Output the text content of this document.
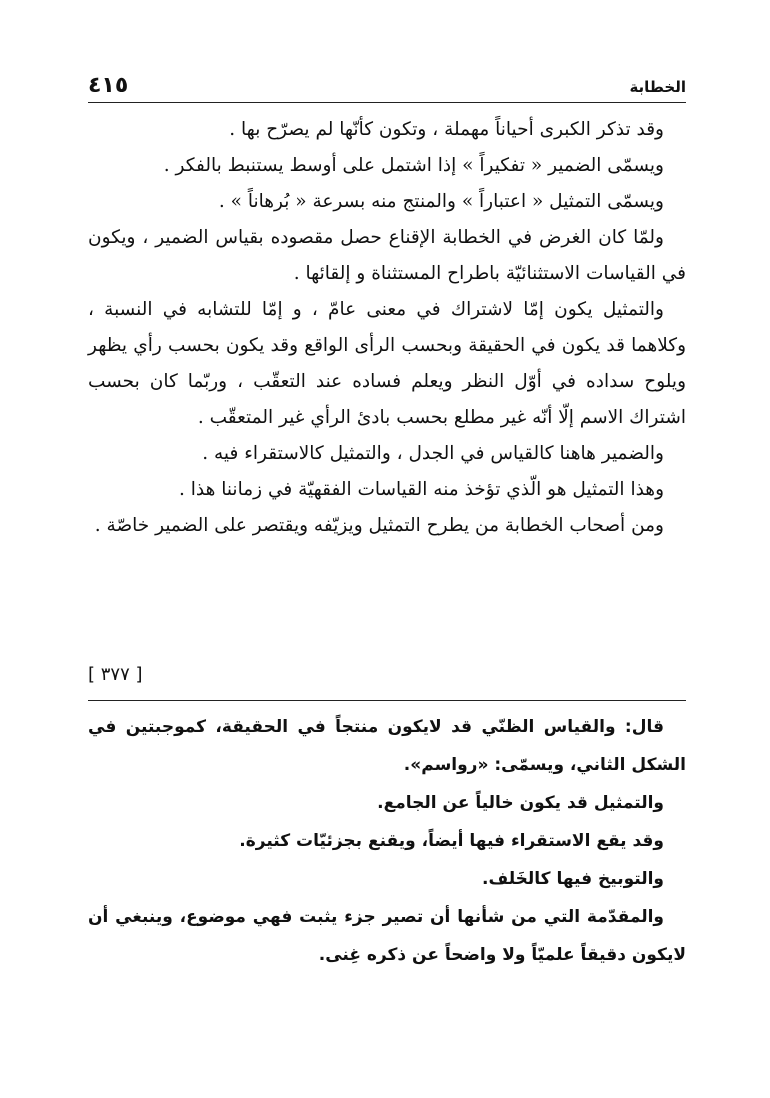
الخطابة
٤١٥

وقد تذكر الكبرى أحياناً مهملة ، وتكون كأنّها لم يصرّح بها .

ويسمّى الضمير « تفكيراً » إذا اشتمل على أوسط يستنبط بالفكر .

ويسمّى التمثيل « اعتباراً » والمنتج منه بسرعة « بُرهاناً » .

ولمّا كان الغرض في الخطابة الإقناع حصل مقصوده بقياس الضمير ، ويكون في القياسات الاستثنائيّة باطراح المستثناة و إلقائها .

والتمثيل يكون إمّا لاشتراك في معنى عامّ ، و إمّا للتشابه في النسبة ، وكلاهما قد يكون في الحقيقة وبحسب الرأى الواقع وقد يكون بحسب رأي يظهر ويلوح سداده في أوّل النظر ويعلم فساده عند التعقّب ، وربّما كان بحسب اشتراك الاسم إلّا أنّه غير مطلع بحسب بادئ الرأي غير المتعقّب .

والضمير هاهنا كالقياس في الجدل ، والتمثيل كالاستقراء فيه .

وهذا التمثيل هو الّذي تؤخذ منه القياسات الفقهيّة في زماننا هذا .

ومن أصحاب الخطابة من يطرح التمثيل ويزيّفه ويقتصر على الضمير خاصّة .

[ ٣٧٧ ]

قال: والقياس الظنّي قد لايكون منتجاً في الحقيقة، كموجبتين في الشكل الثاني، ويسمّى: «رواسم».

والتمثيل قد يكون خالياً عن الجامع.

وقد يقع الاستقراء فيها أيضاً، ويقنع بجزئيّات كثيرة.

والتوبيخ فيها كالخَلف.

والمقدّمة التي من شأنها أن تصير جزء يثبت فهي موضوع، وينبغي أن لايكون دقيقاً علميّاً ولا واضحاً عن ذكره غِنى.
